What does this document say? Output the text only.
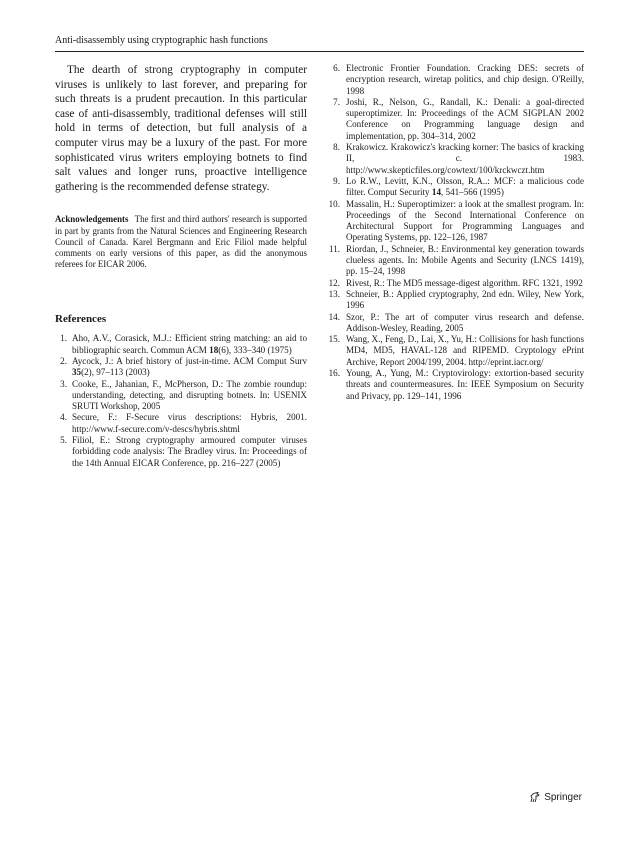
Anti-disassembly using cryptographic hash functions

The dearth of strong cryptography in computer viruses is unlikely to last forever, and preparing for such threats is a prudent precaution. In this particular case of anti-disassembly, traditional defenses will still hold in terms of detection, but full analysis of a computer virus may be a luxury of the past. For more sophisticated virus writers employing botnets to find salt values and longer runs, proactive intelligence gathering is the recommended defense strategy.

Acknowledgements The first and third authors' research is supported in part by grants from the Natural Sciences and Engineering Research Council of Canada. Karel Bergmann and Eric Filiol made helpful comments on early versions of this paper, as did the anonymous referees for EICAR 2006.

References
1. Aho, A.V., Corasick, M.J.: Efficient string matching: an aid to bibliographic search. Commun ACM 18(6), 333–340 (1975)
2. Aycock, J.: A brief history of just-in-time. ACM Comput Surv 35(2), 97–113 (2003)
3. Cooke, E., Jahanian, F., McPherson, D.: The zombie roundup: understanding, detecting, and disrupting botnets. In: USENIX SRUTI Workshop, 2005
4. Secure, F.: F-Secure virus descriptions: Hybris, 2001. http://www.f-secure.com/v-descs/hybris.shtml
5. Filiol, E.: Strong cryptography armoured computer viruses forbidding code analysis: The Bradley virus. In: Proceedings of the 14th Annual EICAR Conference, pp. 216–227 (2005)
6. Electronic Frontier Foundation. Cracking DES: secrets of encryption research, wiretap politics, and chip design. O'Reilly, 1998
7. Joshi, R., Nelson, G., Randall, K.: Denali: a goal-directed superoptimizer. In: Proceedings of the ACM SIGPLAN 2002 Conference on Programming language design and implementation, pp. 304–314, 2002
8. Krakowicz. Krakowicz's kracking korner: The basics of kracking II, c. 1983. http://www.skepticfiles.org/cowtext/100/krckwczt.htm
9. Lo R.W., Levitt, K.N., Olsson, R.A..: MCF: a malicious code filter. Comput Security 14, 541–566 (1995)
10. Massalin, H.: Superoptimizer: a look at the smallest program. In: Proceedings of the Second International Conference on Architectural Support for Programming Languages and Operating Systems, pp. 122–126, 1987
11. Riordan, J., Schneier, B.: Environmental key generation towards clueless agents. In: Mobile Agents and Security (LNCS 1419), pp. 15–24, 1998
12. Rivest, R.: The MD5 message-digest algorithm. RFC 1321, 1992
13. Schneier, B.: Applied cryptography, 2nd edn. Wiley, New York, 1996
14. Szor, P.: The art of computer virus research and defense. Addison-Wesley, Reading, 2005
15. Wang, X., Feng, D., Lai, X., Yu, H.: Collisions for hash functions MD4, MD5, HAVAL-128 and RIPEMD. Cryptology ePrint Archive, Report 2004/199, 2004. http://eprint.iacr.org/
16. Young, A., Yung, M.: Cryptovirology: extortion-based security threats and countermeasures. In: IEEE Symposium on Security and Privacy, pp. 129–141, 1996
Springer
